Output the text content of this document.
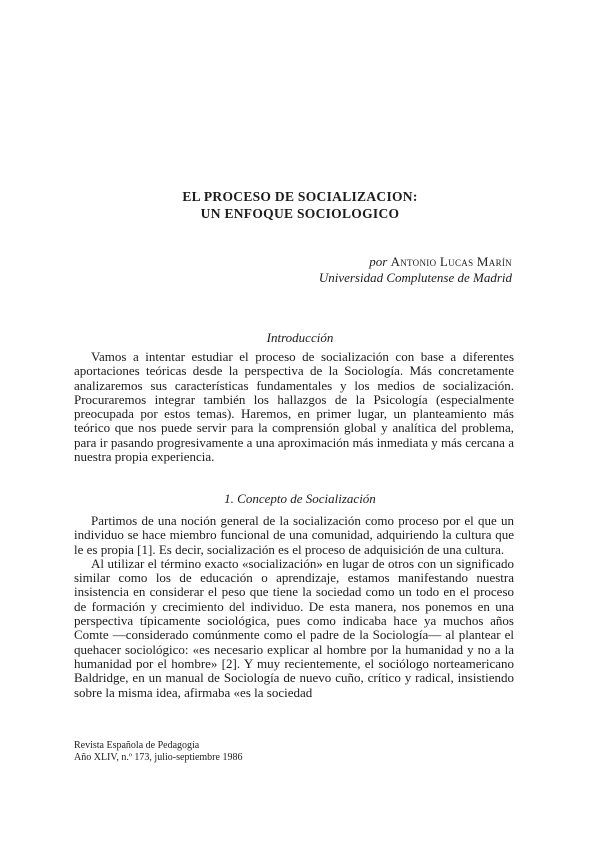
EL PROCESO DE SOCIALIZACION:
UN ENFOQUE SOCIOLOGICO
por Antonio Lucas Marín
Universidad Complutense de Madrid
Introducción

Vamos a intentar estudiar el proceso de socialización con base a diferentes aportaciones teóricas desde la perspectiva de la Sociología. Más concretamente analizaremos sus características fundamentales y los medios de socialización. Procuraremos integrar también los hallazgos de la Psicología (especialmente preocupada por estos temas). Haremos, en primer lugar, un planteamiento más teórico que nos puede servir para la comprensión global y analítica del problema, para ir pasando progresivamente a una aproximación más inmediata y más cercana a nuestra propia experiencia.

1. Concepto de Socialización

Partimos de una noción general de la socialización como proceso por el que un individuo se hace miembro funcional de una comunidad, adquiriendo la cultura que le es propia [1]. Es decir, socialización es el proceso de adquisición de una cultura.

Al utilizar el término exacto «socialización» en lugar de otros con un significado similar como los de educación o aprendizaje, estamos manifestando nuestra insistencia en considerar el peso que tiene la sociedad como un todo en el proceso de formación y crecimiento del individuo. De esta manera, nos ponemos en una perspectiva típicamente sociológica, pues como indicaba hace ya muchos años Comte —considerado comúnmente como el padre de la Sociología— al plantear el quehacer sociológico: «es necesario explicar al hombre por la humanidad y no a la humanidad por el hombre» [2]. Y muy recientemente, el sociólogo norteamericano Baldridge, en un manual de Sociología de nuevo cuño, crítico y radical, insistiendo sobre la misma idea, afirmaba «es la sociedad

Revista Española de Pedagogía
Año XLIV, n.º 173, julio-septiembre 1986
